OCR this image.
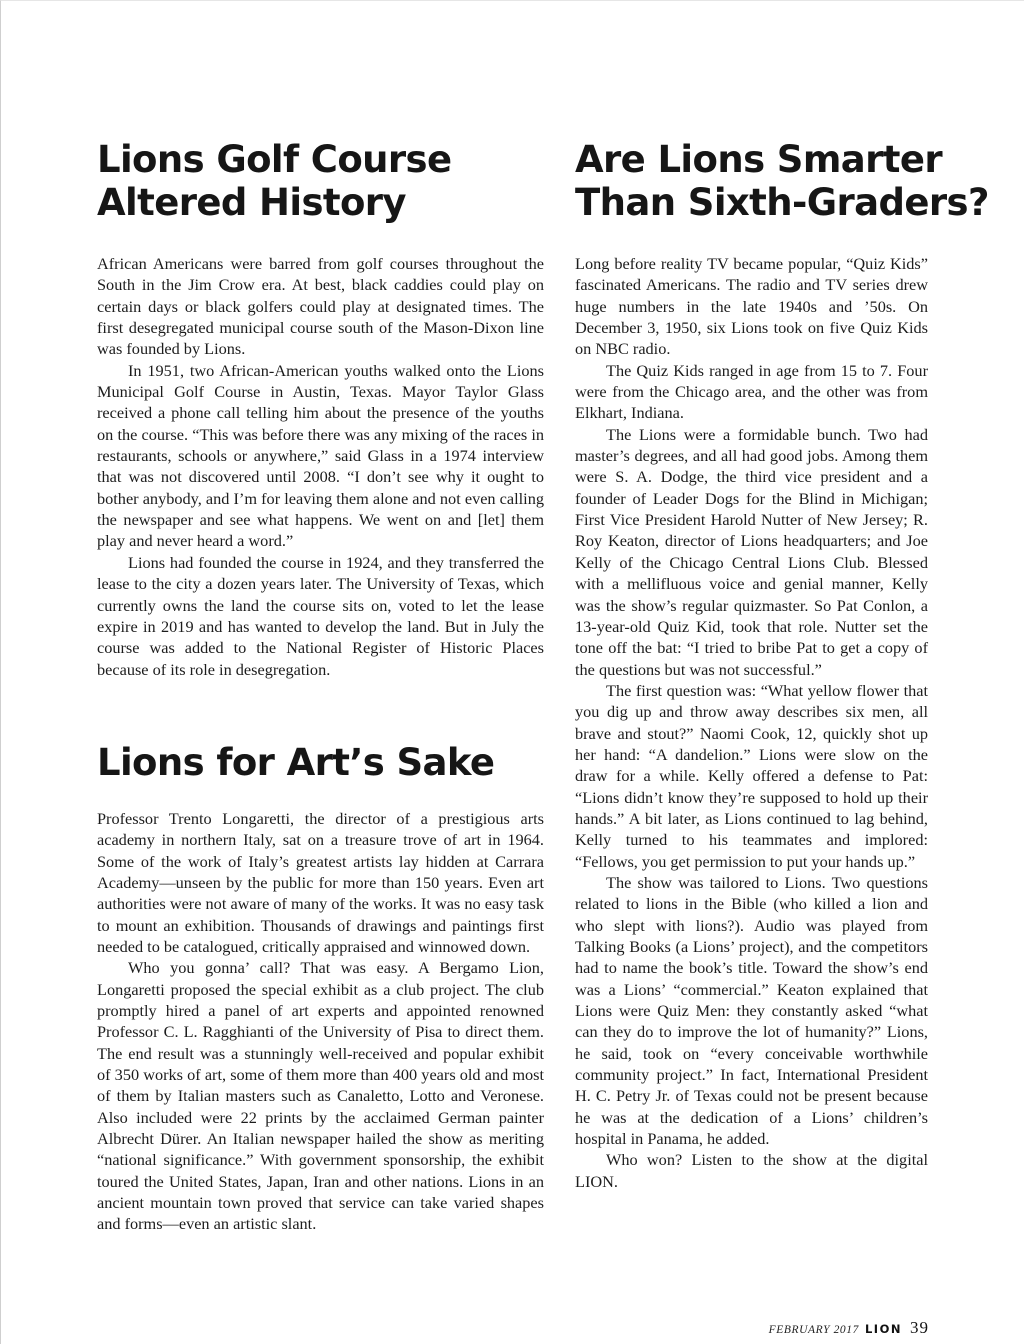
Lions Golf Course
Altered History

African Americans were barred from golf courses throughout the South in the Jim Crow era. At best, black caddies could play on certain days or black golfers could play at designated times. The first desegregated municipal course south of the Mason-Dixon line was founded by Lions.

In 1951, two African-American youths walked onto the Lions Municipal Golf Course in Austin, Texas. Mayor Taylor Glass received a phone call telling him about the presence of the youths on the course. “This was before there was any mixing of the races in restaurants, schools or anywhere,” said Glass in a 1974 interview that was not discovered until 2008. “I don’t see why it ought to bother anybody, and I’m for leaving them alone and not even calling the newspaper and see what happens. We went on and [let] them play and never heard a word.”

Lions had founded the course in 1924, and they transferred the lease to the city a dozen years later. The University of Texas, which currently owns the land the course sits on, voted to let the lease expire in 2019 and has wanted to develop the land. But in July the course was added to the National Register of Historic Places because of its role in desegregation.

Lions for Art’s Sake

Professor Trento Longaretti, the director of a prestigious arts academy in northern Italy, sat on a treasure trove of art in 1964. Some of the work of Italy’s greatest artists lay hidden at Carrara Academy—unseen by the public for more than 150 years. Even art authorities were not aware of many of the works. It was no easy task to mount an exhibition. Thousands of drawings and paintings first needed to be catalogued, critically appraised and winnowed down.

Who you gonna’ call? That was easy. A Bergamo Lion, Longaretti proposed the special exhibit as a club project. The club promptly hired a panel of art experts and appointed renowned Professor C. L. Ragghianti of the University of Pisa to direct them. The end result was a stunningly well-received and popular exhibit of 350 works of art, some of them more than 400 years old and most of them by Italian masters such as Canaletto, Lotto and Veronese. Also included were 22 prints by the acclaimed German painter Albrecht Dürer. An Italian newspaper hailed the show as meriting “national significance.” With government sponsorship, the exhibit toured the United States, Japan, Iran and other nations. Lions in an ancient mountain town proved that service can take varied shapes and forms—even an artistic slant.

Are Lions Smarter
Than Sixth-Graders?

Long before reality TV became popular, “Quiz Kids” fascinated Americans. The radio and TV series drew huge numbers in the late 1940s and ’50s. On December 3, 1950, six Lions took on five Quiz Kids on NBC radio.

The Quiz Kids ranged in age from 15 to 7. Four were from the Chicago area, and the other was from Elkhart, Indiana.

The Lions were a formidable bunch. Two had master’s degrees, and all had good jobs. Among them were S. A. Dodge, the third vice president and a founder of Leader Dogs for the Blind in Michigan; First Vice President Harold Nutter of New Jersey; R. Roy Keaton, director of Lions headquarters; and Joe Kelly of the Chicago Central Lions Club. Blessed with a mellifluous voice and genial manner, Kelly was the show’s regular quizmaster. So Pat Conlon, a 13-year-old Quiz Kid, took that role. Nutter set the tone off the bat: “I tried to bribe Pat to get a copy of the questions but was not successful.”

The first question was: “What yellow flower that you dig up and throw away describes six men, all brave and stout?” Naomi Cook, 12, quickly shot up her hand: “A dandelion.” Lions were slow on the draw for a while. Kelly offered a defense to Pat: “Lions didn’t know they’re supposed to hold up their hands.” A bit later, as Lions continued to lag behind, Kelly turned to his teammates and implored: “Fellows, you get permission to put your hands up.”

The show was tailored to Lions. Two questions related to lions in the Bible (who killed a lion and who slept with lions?). Audio was played from Talking Books (a Lions’ project), and the competitors had to name the book’s title. Toward the show’s end was a Lions’ “commercial.” Keaton explained that Lions were Quiz Men: they constantly asked “what can they do to improve the lot of humanity?” Lions, he said, took on “every conceivable worthwhile community project.” In fact, International President H. C. Petry Jr. of Texas could not be present because he was at the dedication of a Lions’ children’s hospital in Panama, he added.

Who won? Listen to the show at the digital LION.

FEBRUARY 2017 LION 39
